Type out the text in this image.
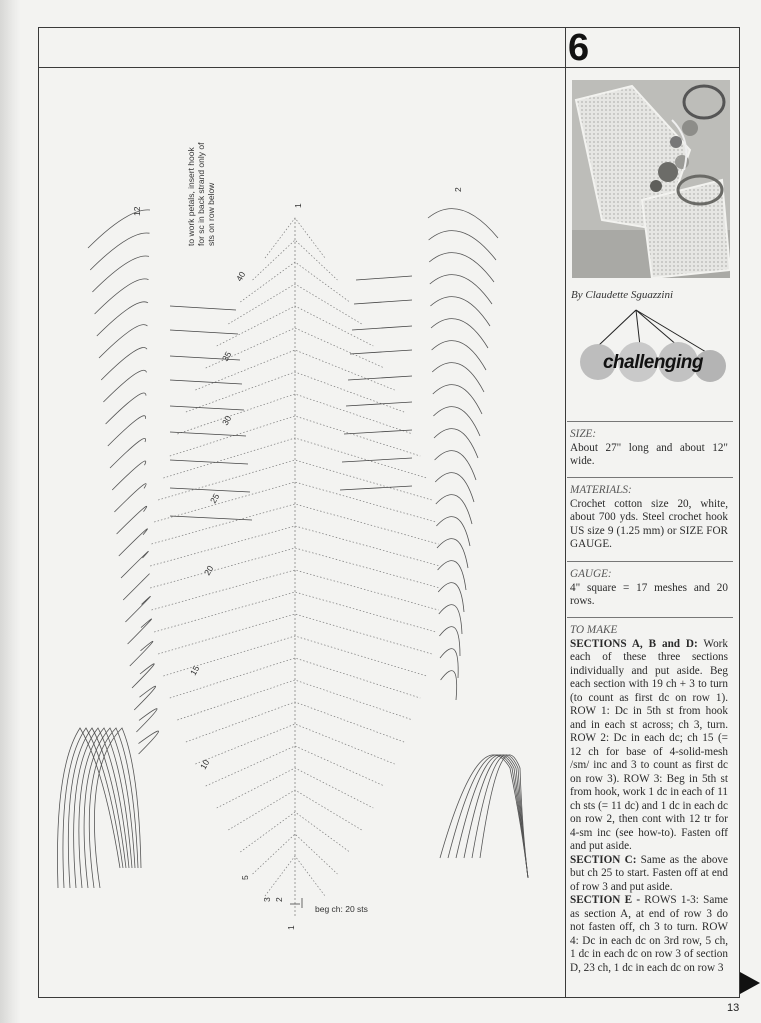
6
By Claudette Sguazzini
challenging
SIZE:
About 27" long and about 12" wide.
MATERIALS:
Crochet cotton size 20, white, about 700 yds. Steel crochet hook US size 9 (1.25 mm) or SIZE FOR GAUGE.
GAUGE:
4" square = 17 meshes and 20 rows.
TO MAKE
SECTIONS A, B and D: Work each of these three sections individually and put aside. Beg each section with 19 ch + 3 to turn (to count as first dc on row 1). ROW 1: Dc in 5th st from hook and in each st across; ch 3, turn. ROW 2: Dc in each dc; ch 15 (= 12 ch for base of 4-solid-mesh /sm/ inc and 3 to count as first dc on row 3). ROW 3: Beg in 5th st from hook, work 1 dc in each of 11 ch sts (= 11 dc) and 1 dc in each dc on row 2, then cont with 12 tr for 4-sm inc (see how-to). Fasten off and put aside.
SECTION C: Same as the above but ch 25 to start. Fasten off at end of row 3 and put aside.
SECTION E - ROWS 1-3: Same as section A, at end of row 3 do not fasten off, ch 3 to turn. ROW 4: Dc in each dc on 3rd row, 5 ch, 1 dc in each dc on row 3 of section D, 23 ch, 1 dc in each dc on row 3
13
to work petals, insert hook
for sc in back strand only of
sts on row below
beg ch: 20 sts
12
1
2
1
2
3
5
10
15
20
25
30
35
40
